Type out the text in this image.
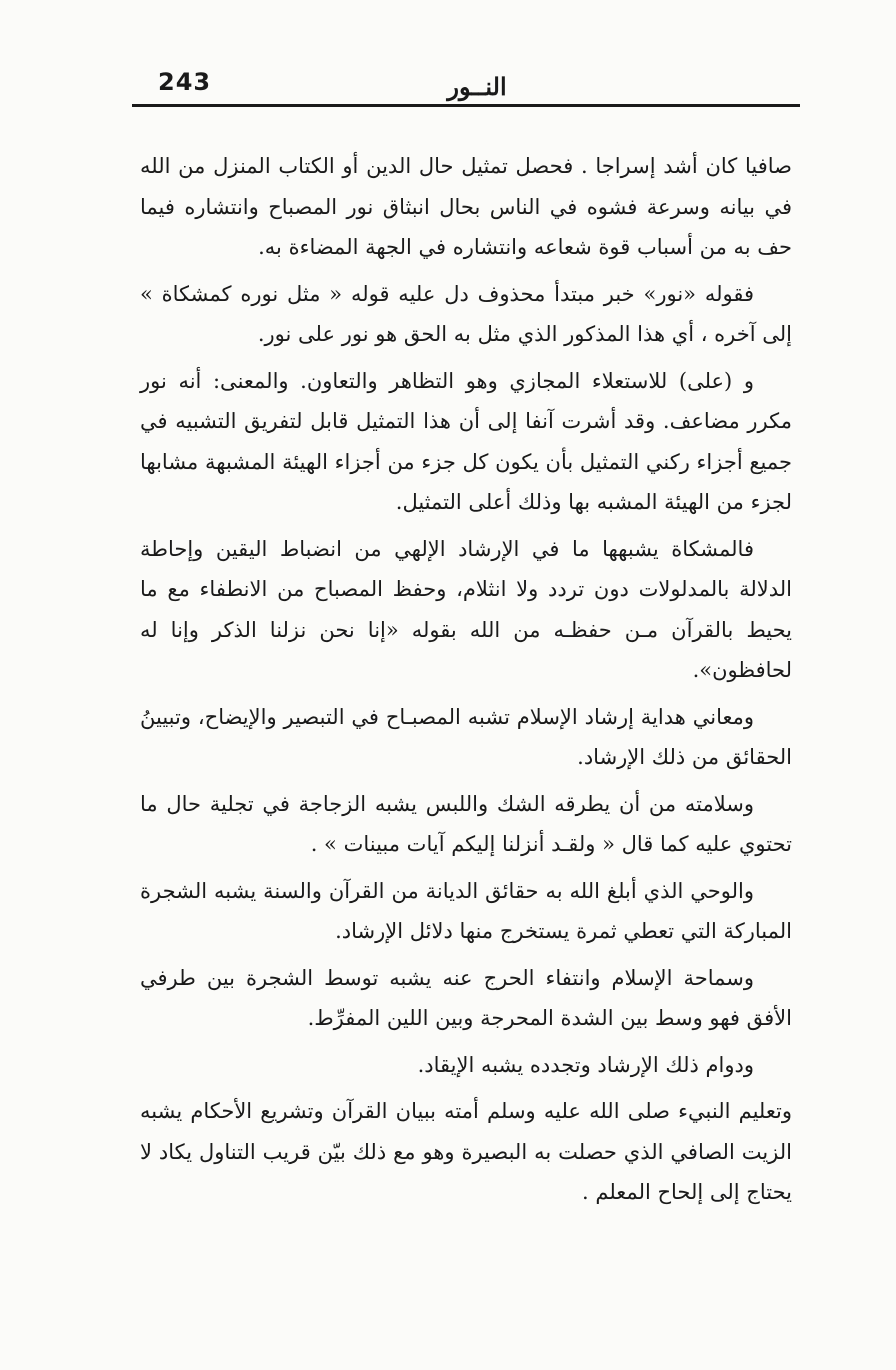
243	النــور

صافيا كان أشد إسراجا . فحصل تمثيل حال الدين أو الكتاب المنزل من الله في بيانه وسرعة فشوه في الناس بحال انبثاق نور المصباح وانتشاره فيما حف به من أسباب قوة شعاعه وانتشاره في الجهة المضاءة به.

فقوله «نور» خبر مبتدأ محذوف دل عليه قوله « مثل نوره كمشكاة » إلى آخره ، أي هذا المذكور الذي مثل به الحق هو نور على نور.

و (على) للاستعلاء المجازي وهو التظاهر والتعاون. والمعنى: أنه نور مكرر مضاعف. وقد أشرت آنفا إلى أن هذا التمثيل قابل لتفريق التشبيه في جميع أجزاء ركني التمثيل بأن يكون كل جزء من أجزاء الهيئة المشبهة مشابها لجزء من الهيئة المشبه بها وذلك أعلى التمثيل.

فالمشكاة يشبهها ما في الإرشاد الإلهي من انضباط اليقين وإحاطة الدلالة بالمدلولات دون تردد ولا انثلام، وحفظ المصباح من الانطفاء مع ما يحيط بالقرآن مـن حفظـه من الله بقوله «إنا نحن نزلنا الذكر وإنا له لحافظون».

ومعاني هداية إرشاد الإسلام تشبه المصبـاح في التبصير والإيضاح، وتبيينُ الحقائق من ذلك الإرشاد.

وسلامته من أن يطرقه الشك واللبس يشبه الزجاجة في تجلية حال ما تحتوي عليه كما قال « ولقـد أنزلنا إليكم آيات مبينات » .

والوحي الذي أبلغ الله به حقائق الديانة من القرآن والسنة يشبه الشجرة المباركة التي تعطي ثمرة يستخرج منها دلائل الإرشاد.

وسماحة الإسلام وانتفاء الحرج عنه يشبه توسط الشجرة بين طرفي الأفق فهو وسط بين الشدة المحرجة وبين اللين المفرِّط.

ودوام ذلك الإرشاد وتجدده يشبه الإيقاد.

وتعليم النبيء صلى الله عليه وسلم أمته ببيان القرآن وتشريع الأحكام يشبه الزيت الصافي الذي حصلت به البصيرة وهو مع ذلك بيّن قريب التناول يكاد لا يحتاج إلى إلحاح المعلم .
